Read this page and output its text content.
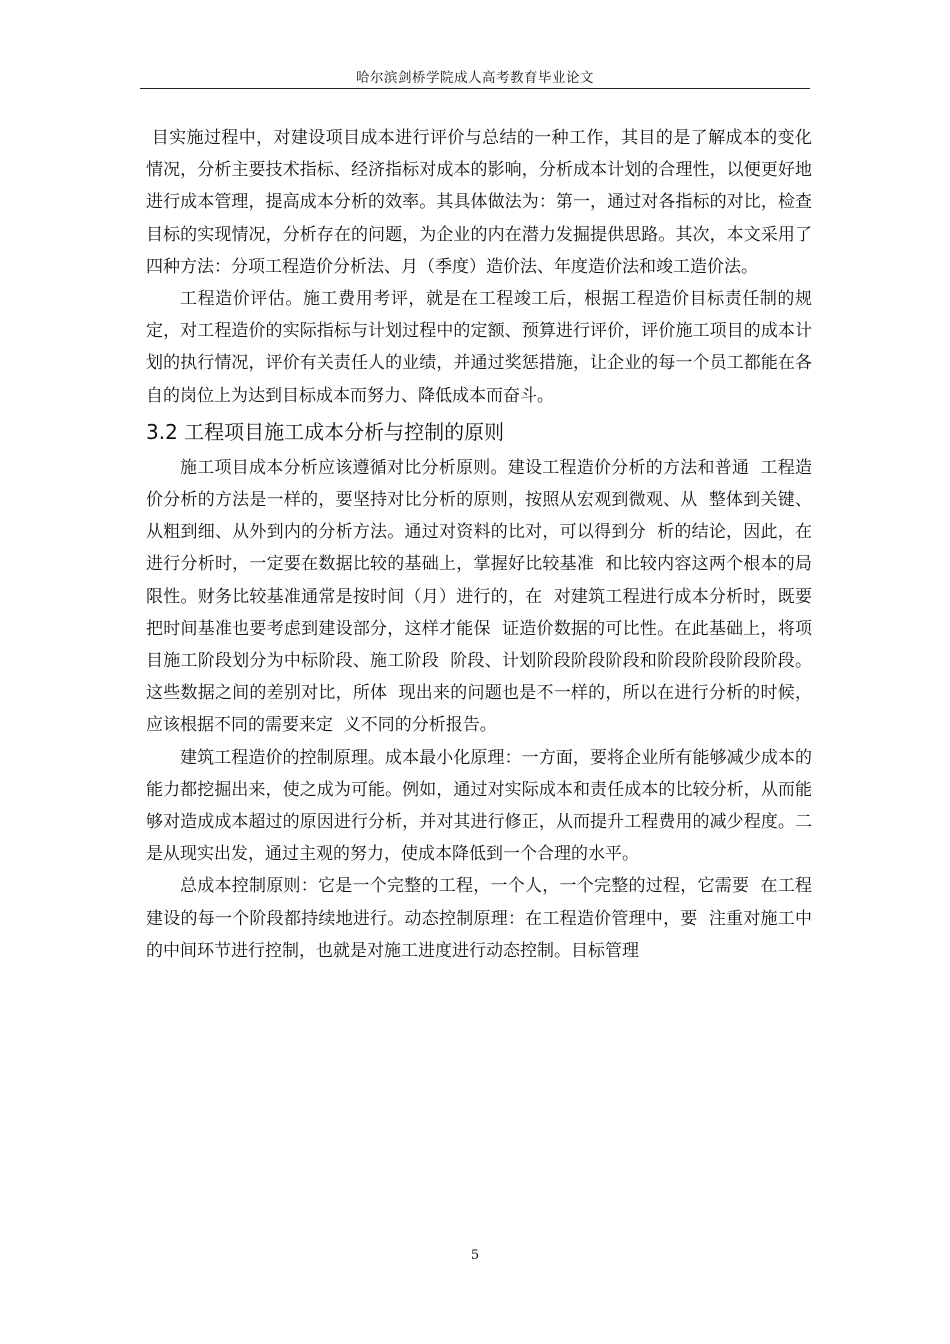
哈尔滨剑桥学院成人高考教育毕业论文

目实施过程中，对建设项目成本进行评价与总结的一种工作，其目的是了解成本的变化情况，分析主要技术指标、经济指标对成本的影响，分析成本计划的合理性，以便更好地进行成本管理，提高成本分析的效率。其具体做法为：第一，通过对各指标的对比，检查目标的实现情况，分析存在的问题，为企业的内在潜力发掘提供思路。其次，本文采用了四种方法：分项工程造价分析法、月（季度）造价法、年度造价法和竣工造价法。

工程造价评估。施工费用考评，就是在工程竣工后，根据工程造价目标责任制的规定，对工程造价的实际指标与计划过程中的定额、预算进行评价，评价施工项目的成本计划的执行情况，评价有关责任人的业绩，并通过奖惩措施，让企业的每一个员工都能在各自的岗位上为达到目标成本而努力、降低成本而奋斗。

3.2 工程项目施工成本分析与控制的原则

施工项目成本分析应该遵循对比分析原则。建设工程造价分析的方法和普通  工程造价分析的方法是一样的，要坚持对比分析的原则，按照从宏观到微观、从  整体到关键、从粗到细、从外到内的分析方法。通过对资料的比对，可以得到分  析的结论，因此，在进行分析时，一定要在数据比较的基础上，掌握好比较基准  和比较内容这两个根本的局限性。财务比较基准通常是按时间（月）进行的，在  对建筑工程进行成本分析时，既要把时间基准也要考虑到建设部分，这样才能保  证造价数据的可比性。在此基础上，将项目施工阶段划分为中标阶段、施工阶段  阶段、计划阶段阶段阶段和阶段阶段阶段阶段。这些数据之间的差别对比，所体  现出来的问题也是不一样的，所以在进行分析的时候，应该根据不同的需要来定  义不同的分析报告。

建筑工程造价的控制原理。成本最小化原理：一方面，要将企业所有能够减少成本的能力都挖掘出来，使之成为可能。例如，通过对实际成本和责任成本的比较分析，从而能够对造成成本超过的原因进行分析，并对其进行修正，从而提升工程费用的减少程度。二是从现实出发，通过主观的努力，使成本降低到一个合理的水平。

总成本控制原则：它是一个完整的工程，一个人，一个完整的过程，它需要  在工程建设的每一个阶段都持续地进行。动态控制原理：在工程造价管理中，要  注重对施工中的中间环节进行控制，也就是对施工进度进行动态控制。目标管理

5
